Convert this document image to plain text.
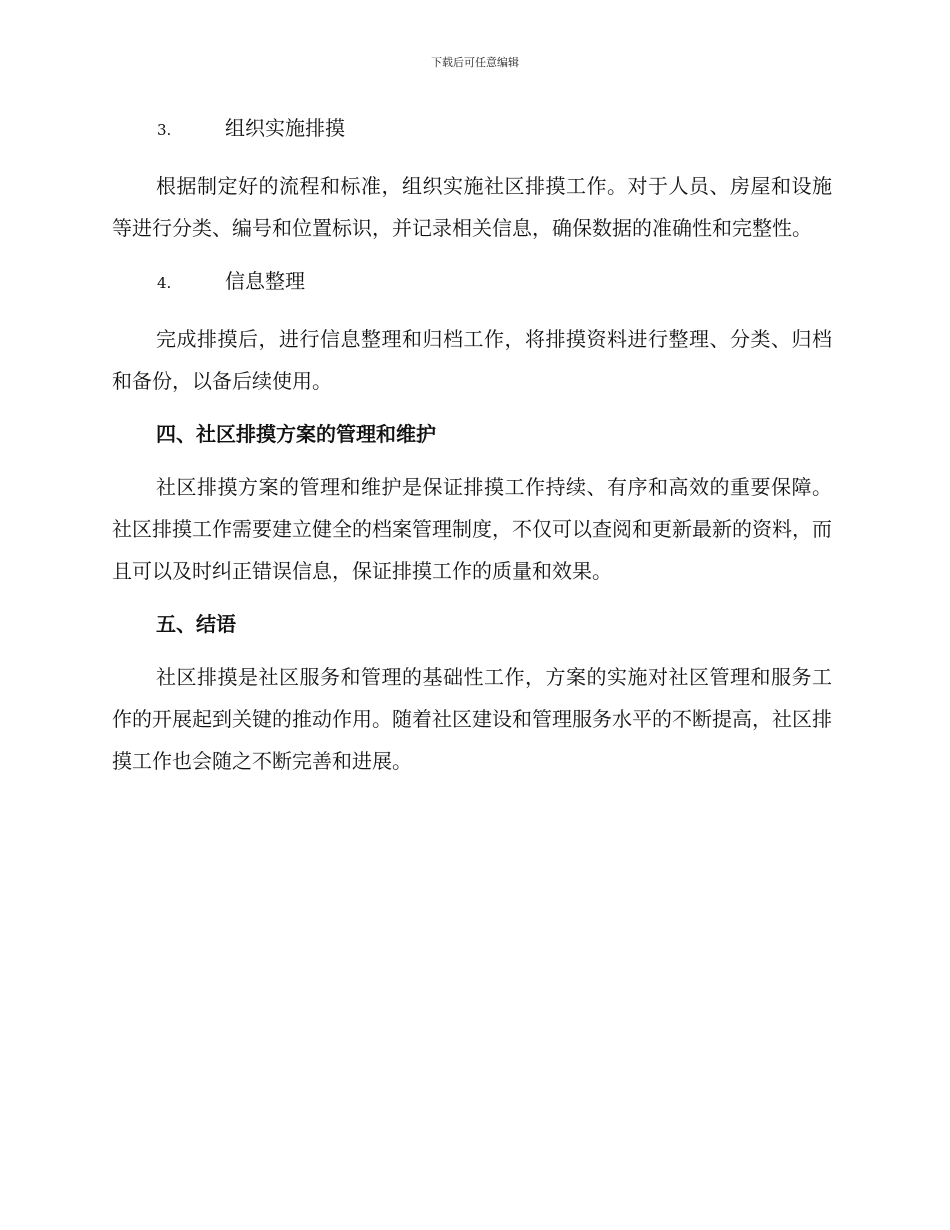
下载后可任意编辑
3.	组织实施排摸

根据制定好的流程和标准，组织实施社区排摸工作。对于人员、房屋和设施等进行分类、编号和位置标识，并记录相关信息，确保数据的准确性和完整性。

4.	信息整理

完成排摸后，进行信息整理和归档工作，将排摸资料进行整理、分类、归档和备份，以备后续使用。

四、社区排摸方案的管理和维护

社区排摸方案的管理和维护是保证排摸工作持续、有序和高效的重要保障。社区排摸工作需要建立健全的档案管理制度，不仅可以查阅和更新最新的资料，而且可以及时纠正错误信息，保证排摸工作的质量和效果。

五、结语

社区排摸是社区服务和管理的基础性工作，方案的实施对社区管理和服务工作的开展起到关键的推动作用。随着社区建设和管理服务水平的不断提高，社区排摸工作也会随之不断完善和进展。
